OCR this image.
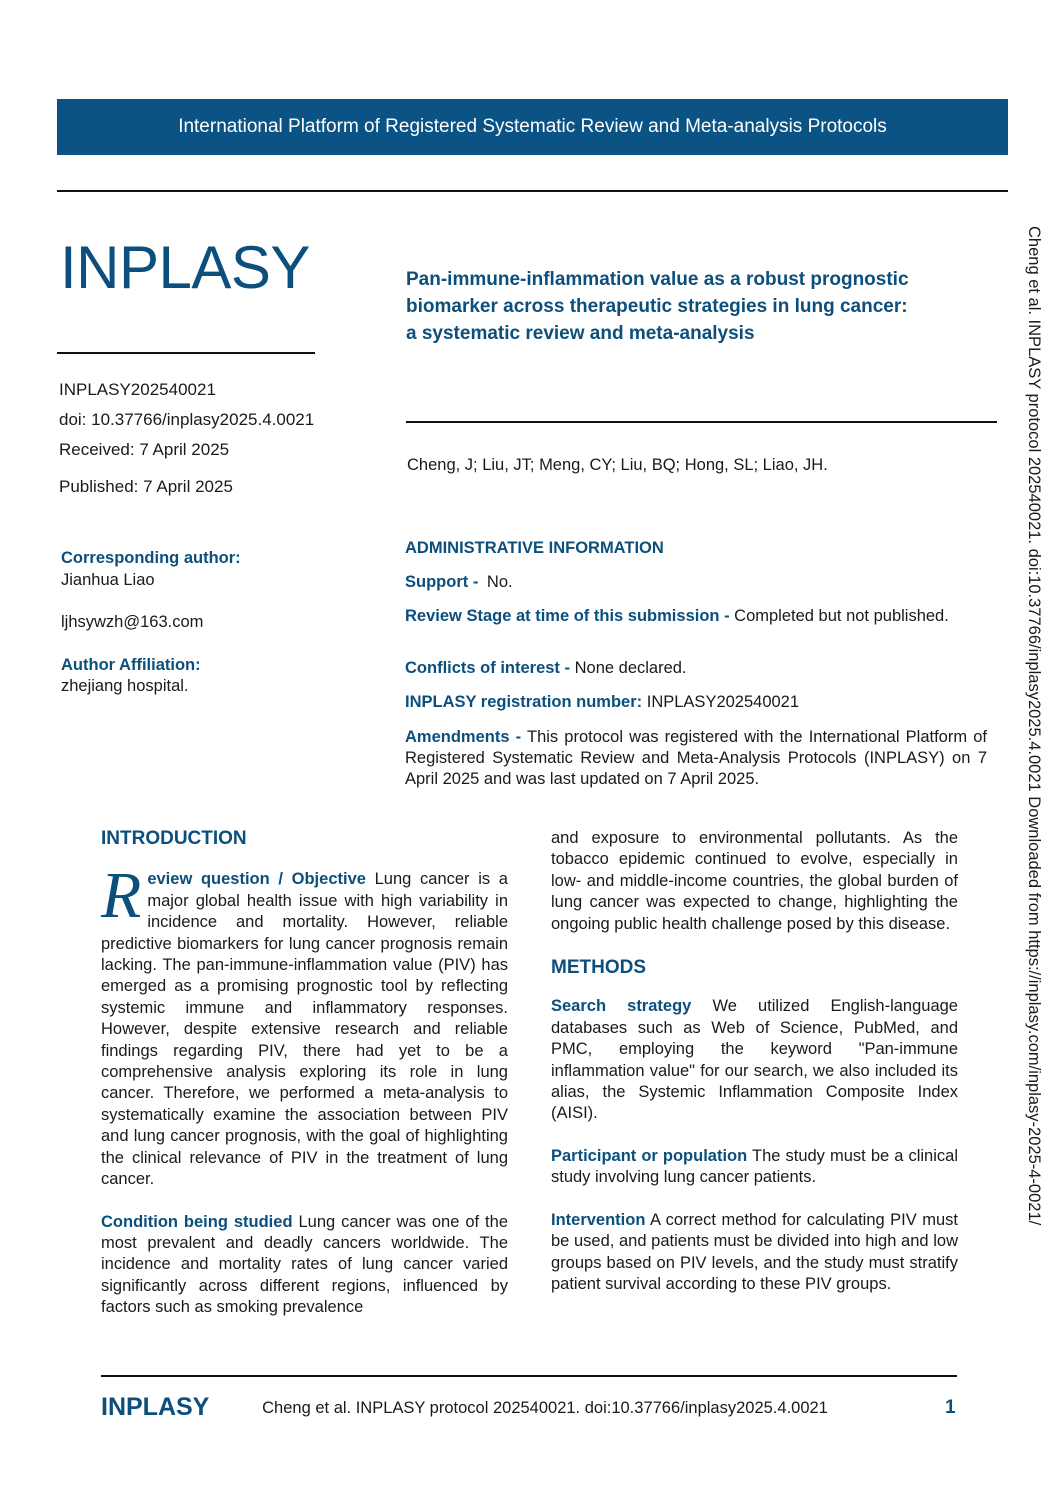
International Platform of Registered Systematic Review and Meta-analysis Protocols
INPLASY	Pan-immune-inflammation value as a robust prognostic
biomarker across therapeutic strategies in lung cancer:
a systematic review and meta-analysis
INPLASY202540021
doi: 10.37766/inplasy2025.4.0021
Received: 7 April 2025
Published: 7 April 2025
Cheng, J; Liu, JT; Meng, CY; Liu, BQ; Hong, SL; Liao, JH.
Corresponding author:
Jianhua Liao
ljhsywzh@163.com
Author Affiliation:
zhejiang hospital.
ADMINISTRATIVE INFORMATION
Support - No.
Review Stage at time of this submission - Completed but not published.
Conflicts of interest - None declared.
INPLASY registration number: INPLASY202540021
Amendments - This protocol was registered with the International Platform of Registered Systematic Review and Meta-Analysis Protocols (INPLASY) on 7 April 2025 and was last updated on 7 April 2025.
INTRODUCTION

Review question / Objective Lung cancer is a major global health issue with high variability in incidence and mortality. However, reliable predictive biomarkers for lung cancer prognosis remain lacking. The pan-immune-inflammation value (PIV) has emerged as a promising prognostic tool by reflecting systemic immune and inflammatory responses. However, despite extensive research and reliable findings regarding PIV, there had yet to be a comprehensive analysis exploring its role in lung cancer. Therefore, we performed a meta-analysis to systematically examine the association between PIV and lung cancer prognosis, with the goal of highlighting the clinical relevance of PIV in the treatment of lung cancer.

Condition being studied Lung cancer was one of the most prevalent and deadly cancers worldwide. The incidence and mortality rates of lung cancer varied significantly across different regions, influenced by factors such as smoking prevalence

and exposure to environmental pollutants. As the tobacco epidemic continued to evolve, especially in low- and middle-income countries, the global burden of lung cancer was expected to change, highlighting the ongoing public health challenge posed by this disease.

METHODS

Search strategy We utilized English-language databases such as Web of Science, PubMed, and PMC, employing the keyword "Pan-immune inflammation value" for our search, we also included its alias, the Systemic Inflammation Composite Index (AISI).

Participant or population The study must be a clinical study involving lung cancer patients.

Intervention A correct method for calculating PIV must be used, and patients must be divided into high and low groups based on PIV levels, and the study must stratify patient survival according to these PIV groups.

INPLASY	Cheng et al. INPLASY protocol 202540021. doi:10.37766/inplasy2025.4.0021	1
Cheng et al. INPLASY protocol 202540021. doi:10.37766/inplasy2025.4.0021 Downloaded from https://inplasy.com/inplasy-2025-4-0021/
